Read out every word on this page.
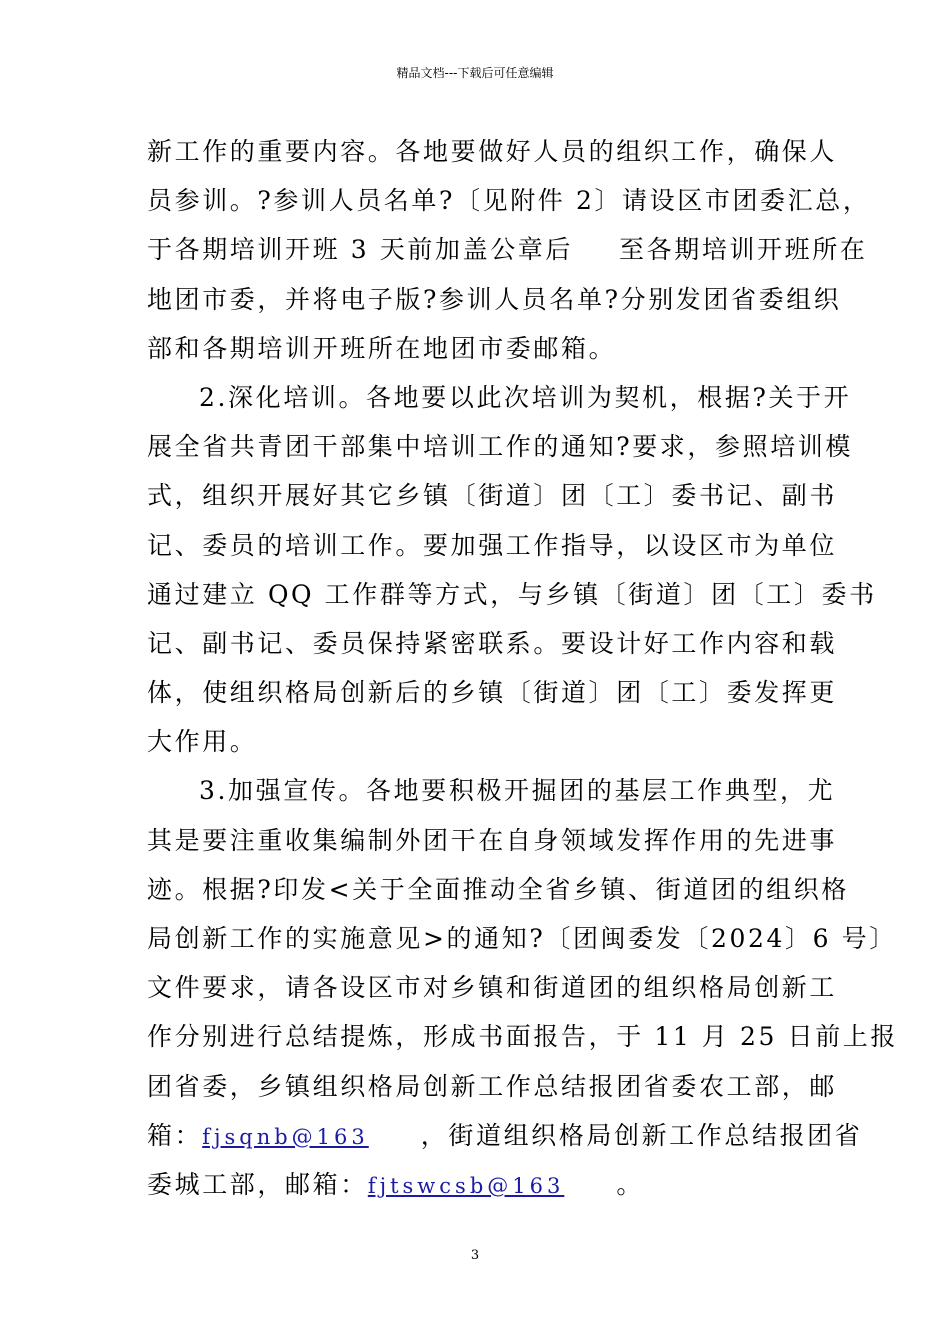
精品文档---下载后可任意编辑
新工作的重要内容。各地要做好人员的组织工作，确保人
员参训。?参训人员名单?〔见附件 2〕请设区市团委汇总，
于各期培训开班 3 天前加盖公章后 至各期培训开班所在
地团市委，并将电子版?参训人员名单?分别发团省委组织
部和各期培训开班所在地团市委邮箱。
2.深化培训。各地要以此次培训为契机，根据?关于开
展全省共青团干部集中培训工作的通知?要求，参照培训模
式，组织开展好其它乡镇〔街道〕团〔工〕委书记、副书
记、委员的培训工作。要加强工作指导，以设区市为单位
通过建立 QQ 工作群等方式，与乡镇〔街道〕团〔工〕委书
记、副书记、委员保持紧密联系。要设计好工作内容和载
体，使组织格局创新后的乡镇〔街道〕团〔工〕委发挥更
大作用。
3.加强宣传。各地要积极开掘团的基层工作典型，尤
其是要注重收集编制外团干在自身领域发挥作用的先进事
迹。根据?印发<关于全面推动全省乡镇、街道团的组织格
局创新工作的实施意见>的通知?〔团闽委发〔2024〕6 号〕
文件要求，请各设区市对乡镇和街道团的组织格局创新工
作分别进行总结提炼，形成书面报告，于 11 月 25 日前上报
团省委，乡镇组织格局创新工作总结报团省委农工部，邮
箱：fjsqnb@163 ，街道组织格局创新工作总结报团省
委城工部，邮箱：fjtswcsb@163 。
3
